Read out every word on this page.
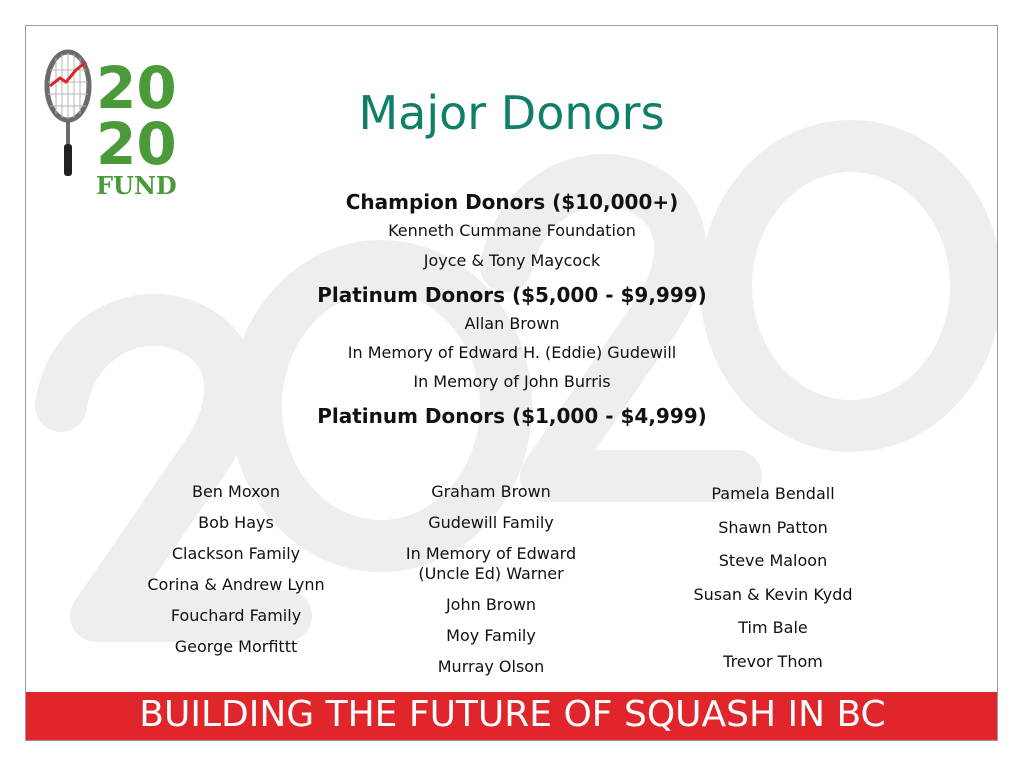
20
20
FUND
Major Donors
Champion Donors ($10,000+)
Kenneth Cummane Foundation
Joyce & Tony Maycock
Platinum Donors ($5,000 - $9,999)
Allan Brown
In Memory of Edward H. (Eddie) Gudewill
In Memory of John Burris
Platinum Donors ($1,000 - $4,999)
Ben Moxon
Bob Hays
Clackson Family
Corina & Andrew Lynn
Fouchard Family
George Morfittt
Graham Brown
Gudewill Family
In Memory of Edward
(Uncle Ed) Warner
John Brown
Moy Family
Murray Olson
Pamela Bendall
Shawn Patton
Steve Maloon
Susan & Kevin Kydd
Tim Bale
Trevor Thom
BUILDING THE FUTURE OF SQUASH IN BC
